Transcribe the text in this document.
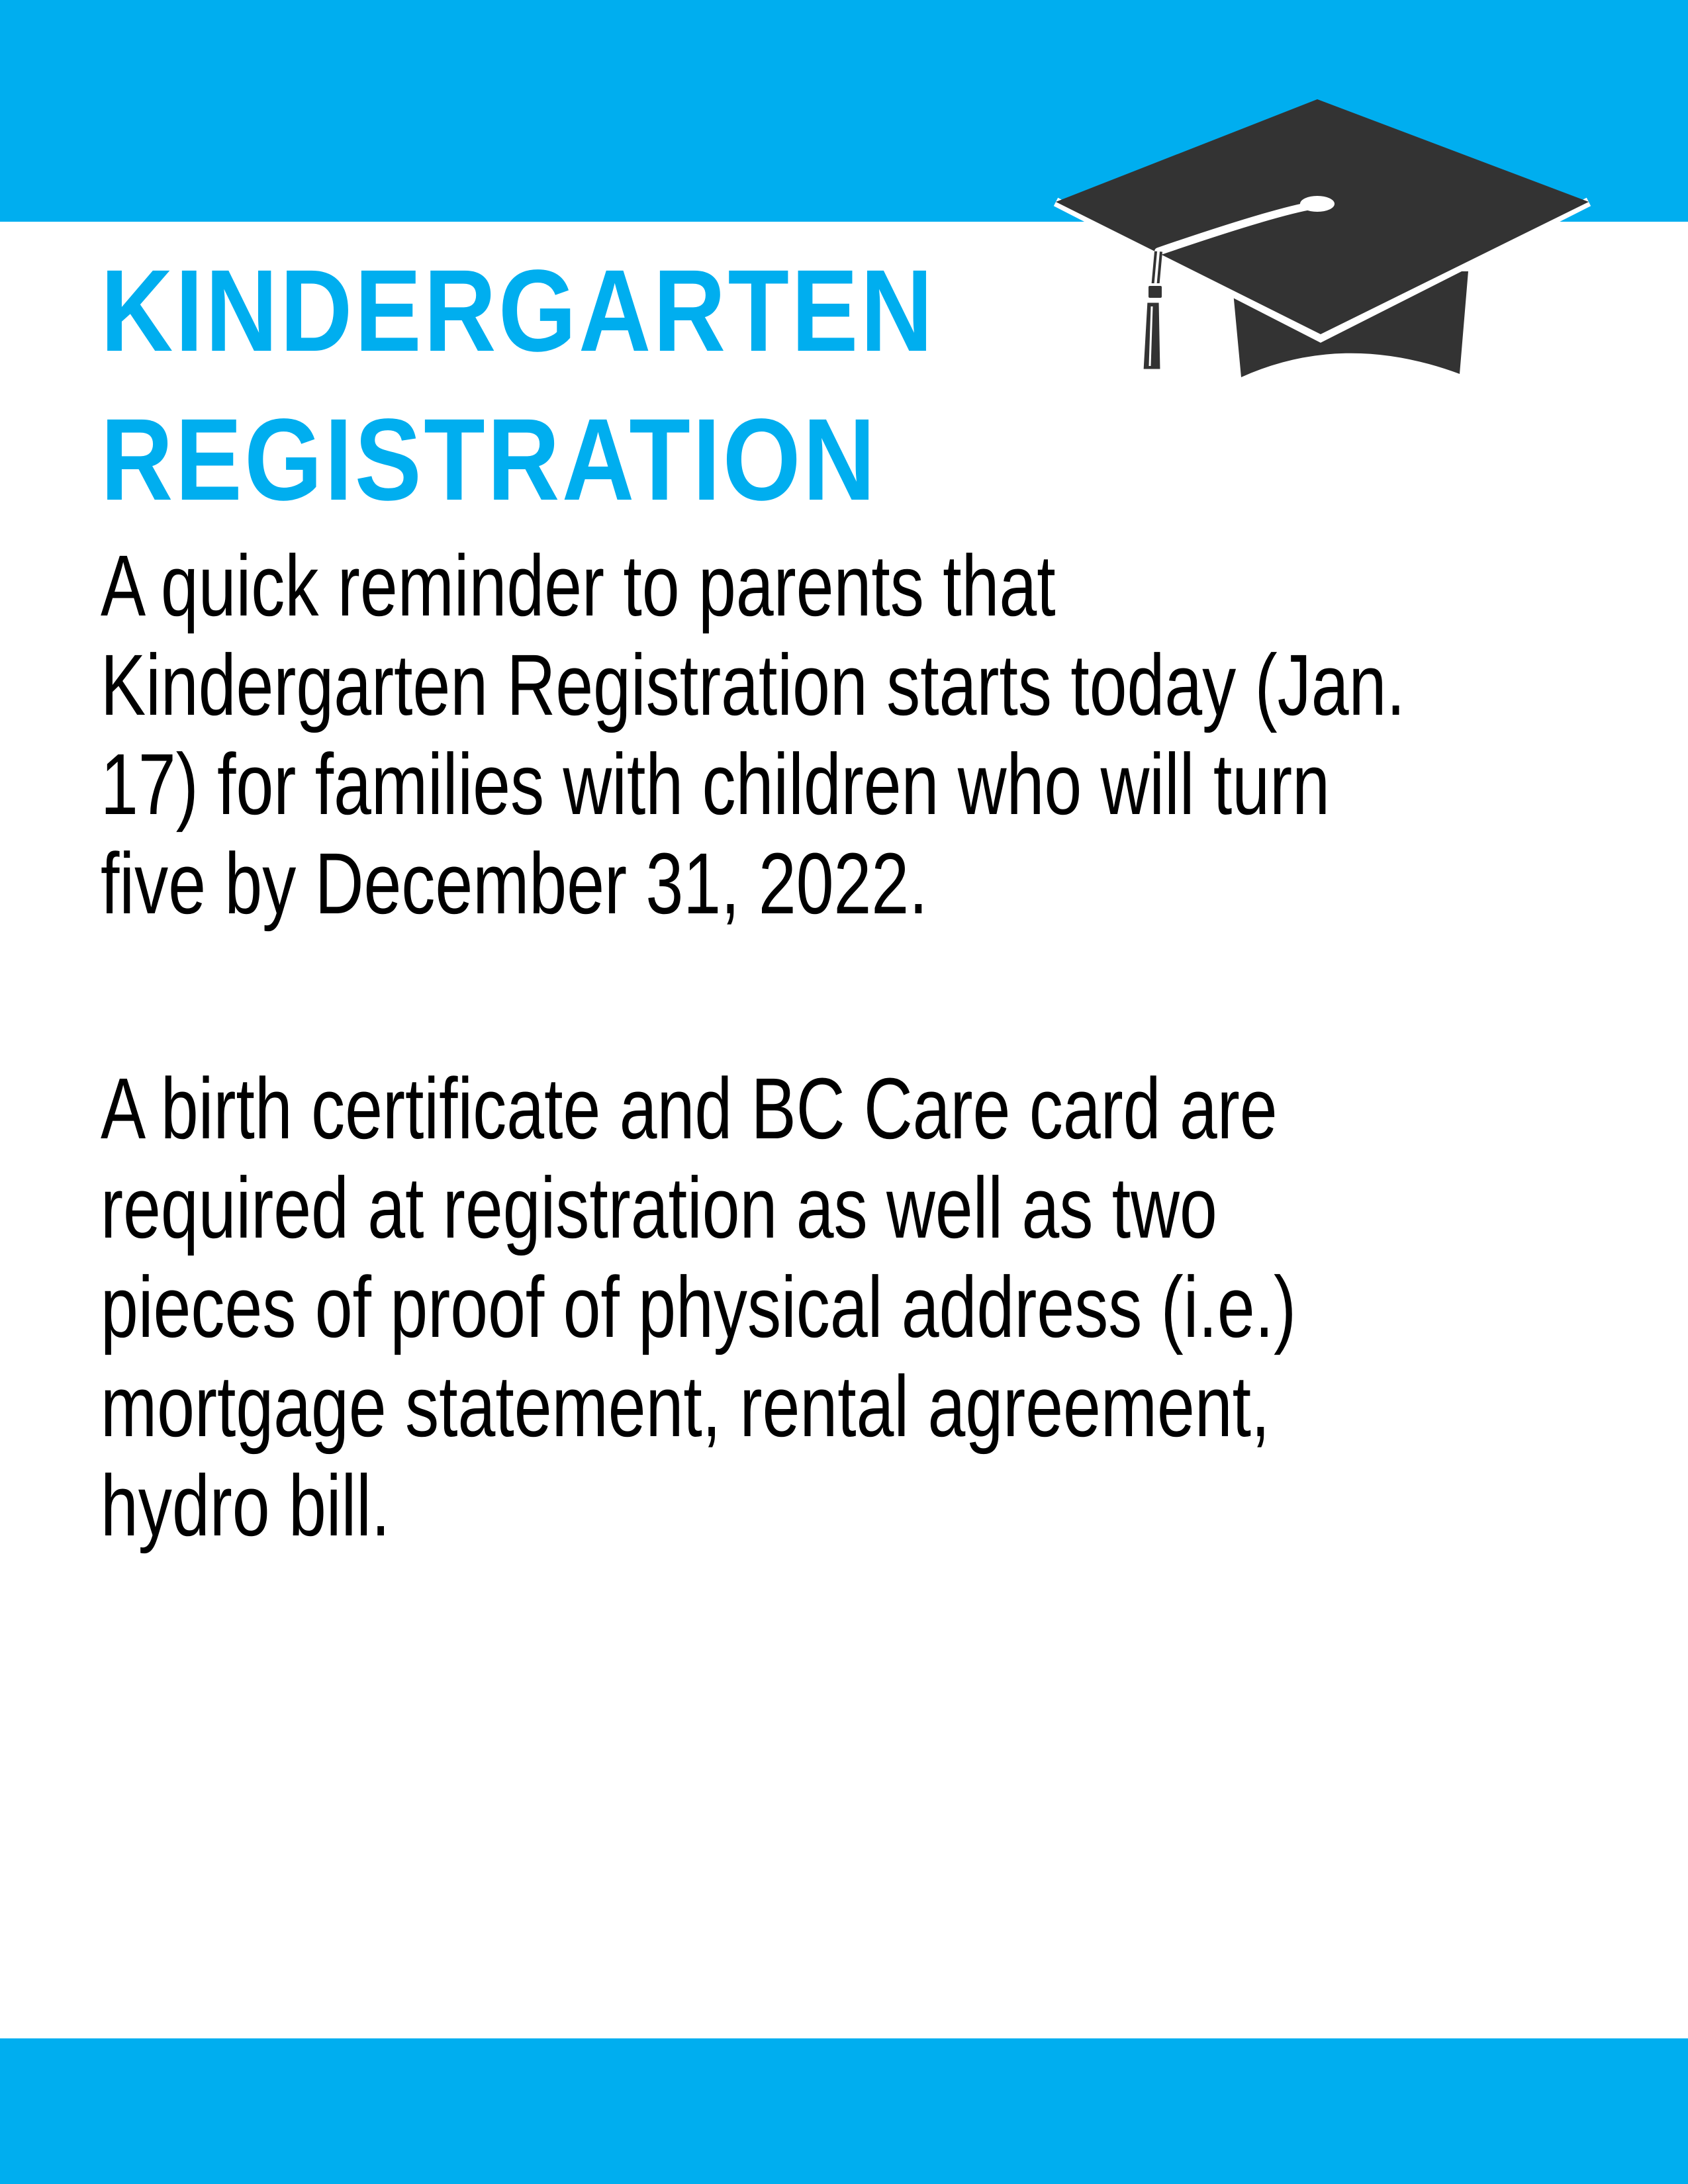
KINDERGARTEN
REGISTRATION

A quick reminder to parents that
Kindergarten Registration starts today (Jan.
17) for families with children who will turn
five by December 31, 2022.

A birth certificate and BC Care card are
required at registration as well as two
pieces of proof of physical address (i.e.)
mortgage statement, rental agreement,
hydro bill.
